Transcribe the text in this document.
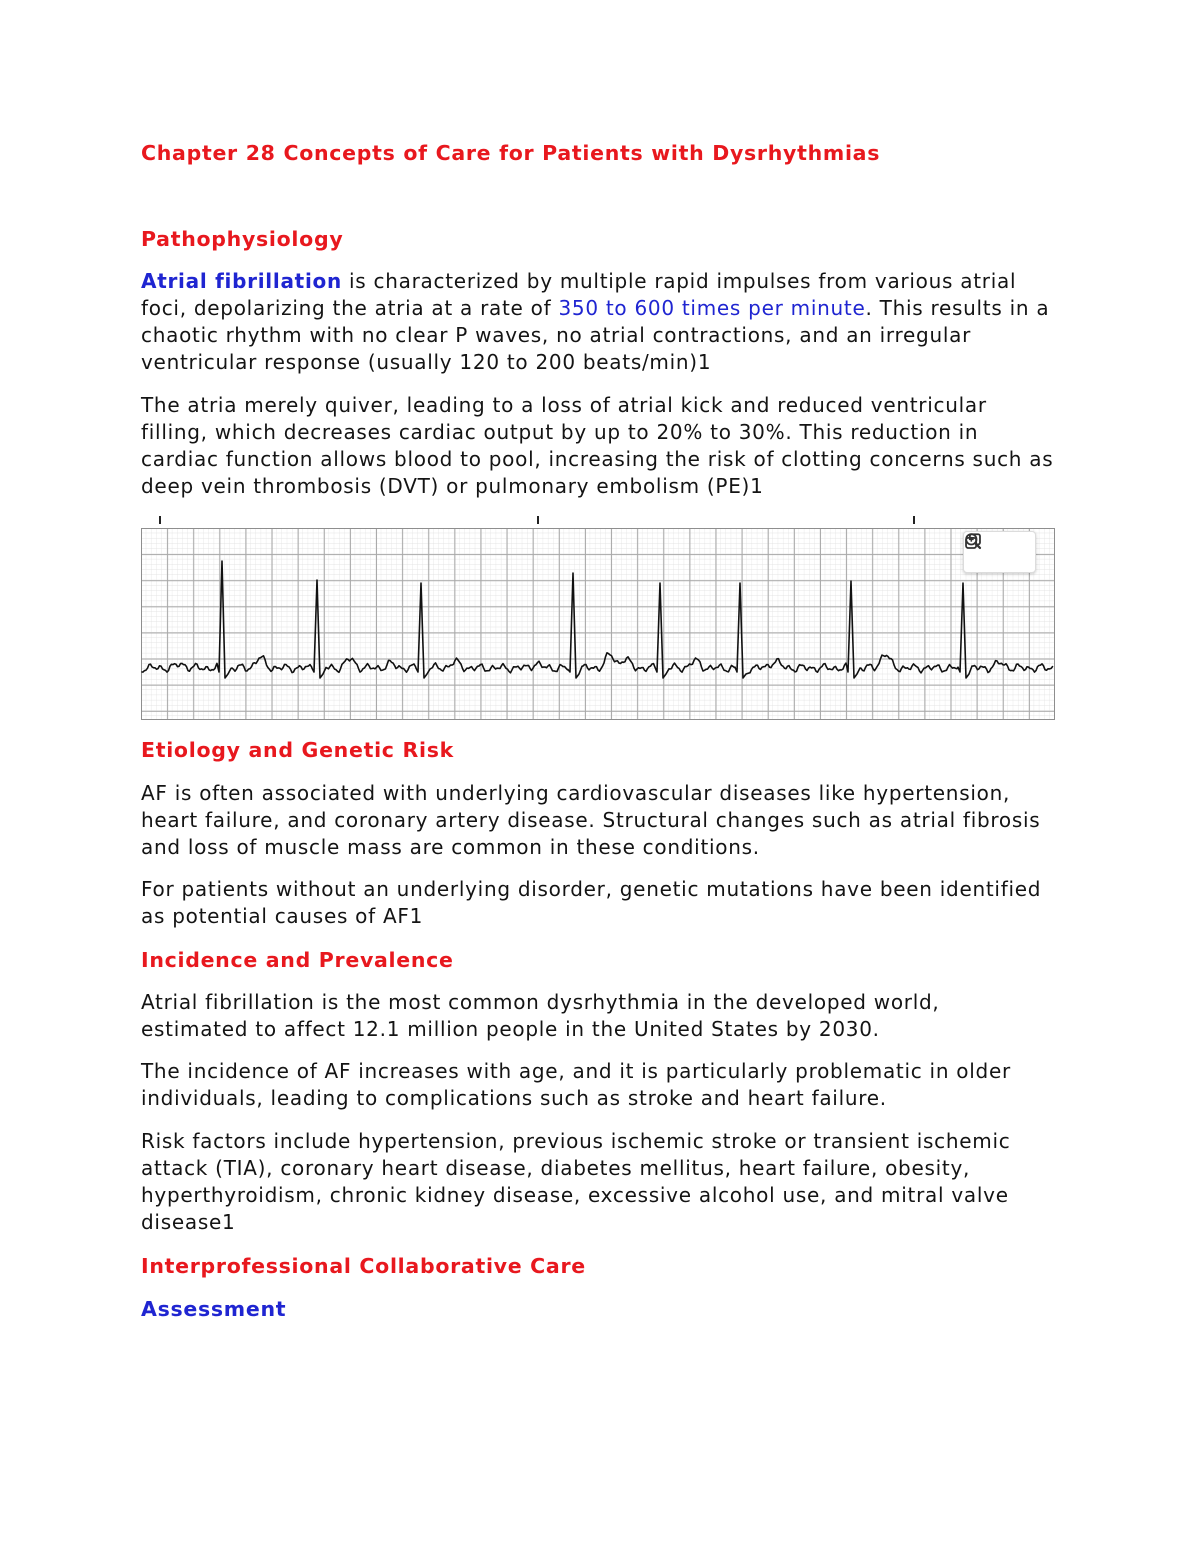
Chapter 28 Concepts of Care for Patients with Dysrhythmias
Pathophysiology
Atrial fibrillation is characterized by multiple rapid impulses from various atrial
foci, depolarizing the atria at a rate of 350 to 600 times per minute. This results in a
chaotic rhythm with no clear P waves, no atrial contractions, and an irregular
ventricular response (usually 120 to 200 beats/min)1
The atria merely quiver, leading to a loss of atrial kick and reduced ventricular
filling, which decreases cardiac output by up to 20% to 30%. This reduction in
cardiac function allows blood to pool, increasing the risk of clotting concerns such as
deep vein thrombosis (DVT) or pulmonary embolism (PE)1
Etiology and Genetic Risk
AF is often associated with underlying cardiovascular diseases like hypertension,
heart failure, and coronary artery disease. Structural changes such as atrial fibrosis
and loss of muscle mass are common in these conditions.
For patients without an underlying disorder, genetic mutations have been identified
as potential causes of AF1
Incidence and Prevalence
Atrial fibrillation is the most common dysrhythmia in the developed world,
estimated to affect 12.1 million people in the United States by 2030.
The incidence of AF increases with age, and it is particularly problematic in older
individuals, leading to complications such as stroke and heart failure.
Risk factors include hypertension, previous ischemic stroke or transient ischemic
attack (TIA), coronary heart disease, diabetes mellitus, heart failure, obesity,
hyperthyroidism, chronic kidney disease, excessive alcohol use, and mitral valve
disease1
Interprofessional Collaborative Care
Assessment
